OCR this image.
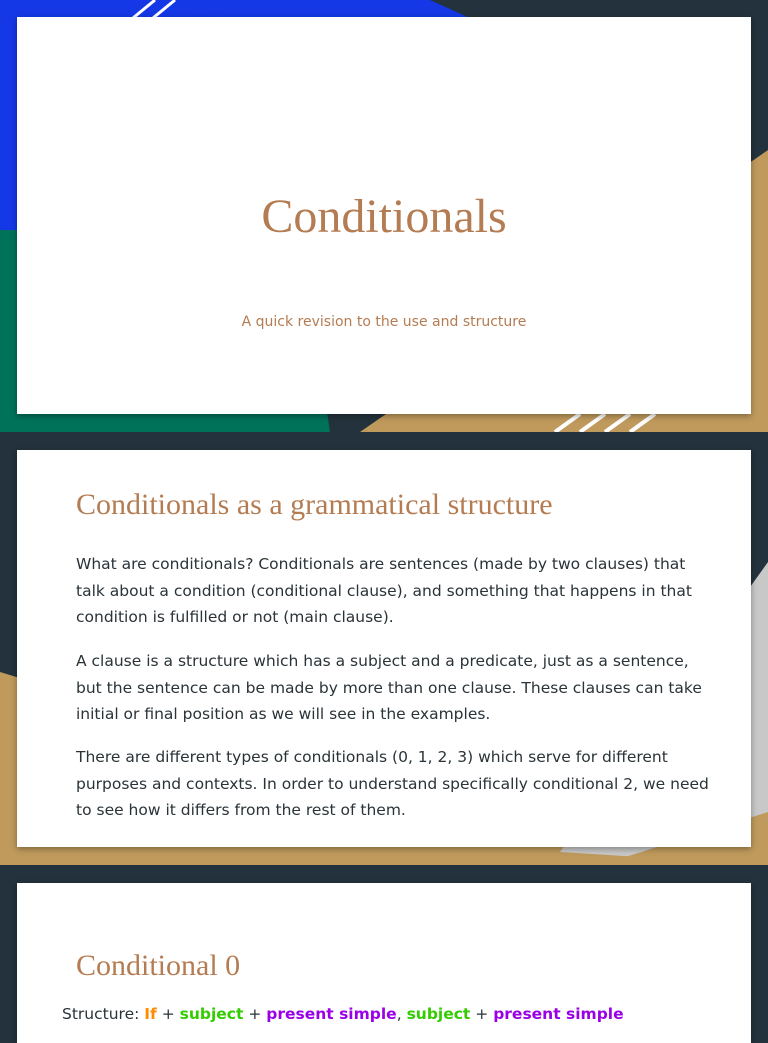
Conditionals
A quick revision to the use and structure
Conditionals as a grammatical structure

What are conditionals? Conditionals are sentences (made by two clauses) that talk about a condition (conditional clause), and something that happens in that condition is fulfilled or not (main clause).

A clause is a structure which has a subject and a predicate, just as a sentence, but the sentence can be made by more than one clause. These clauses can take initial or final position as we will see in the examples.

There are different types of conditionals (0, 1, 2, 3) which serve for different purposes and contexts. In order to understand specifically conditional 2, we need to see how it differs from the rest of them.

Conditional 0
Structure: If + subject + present simple, subject + present simple
